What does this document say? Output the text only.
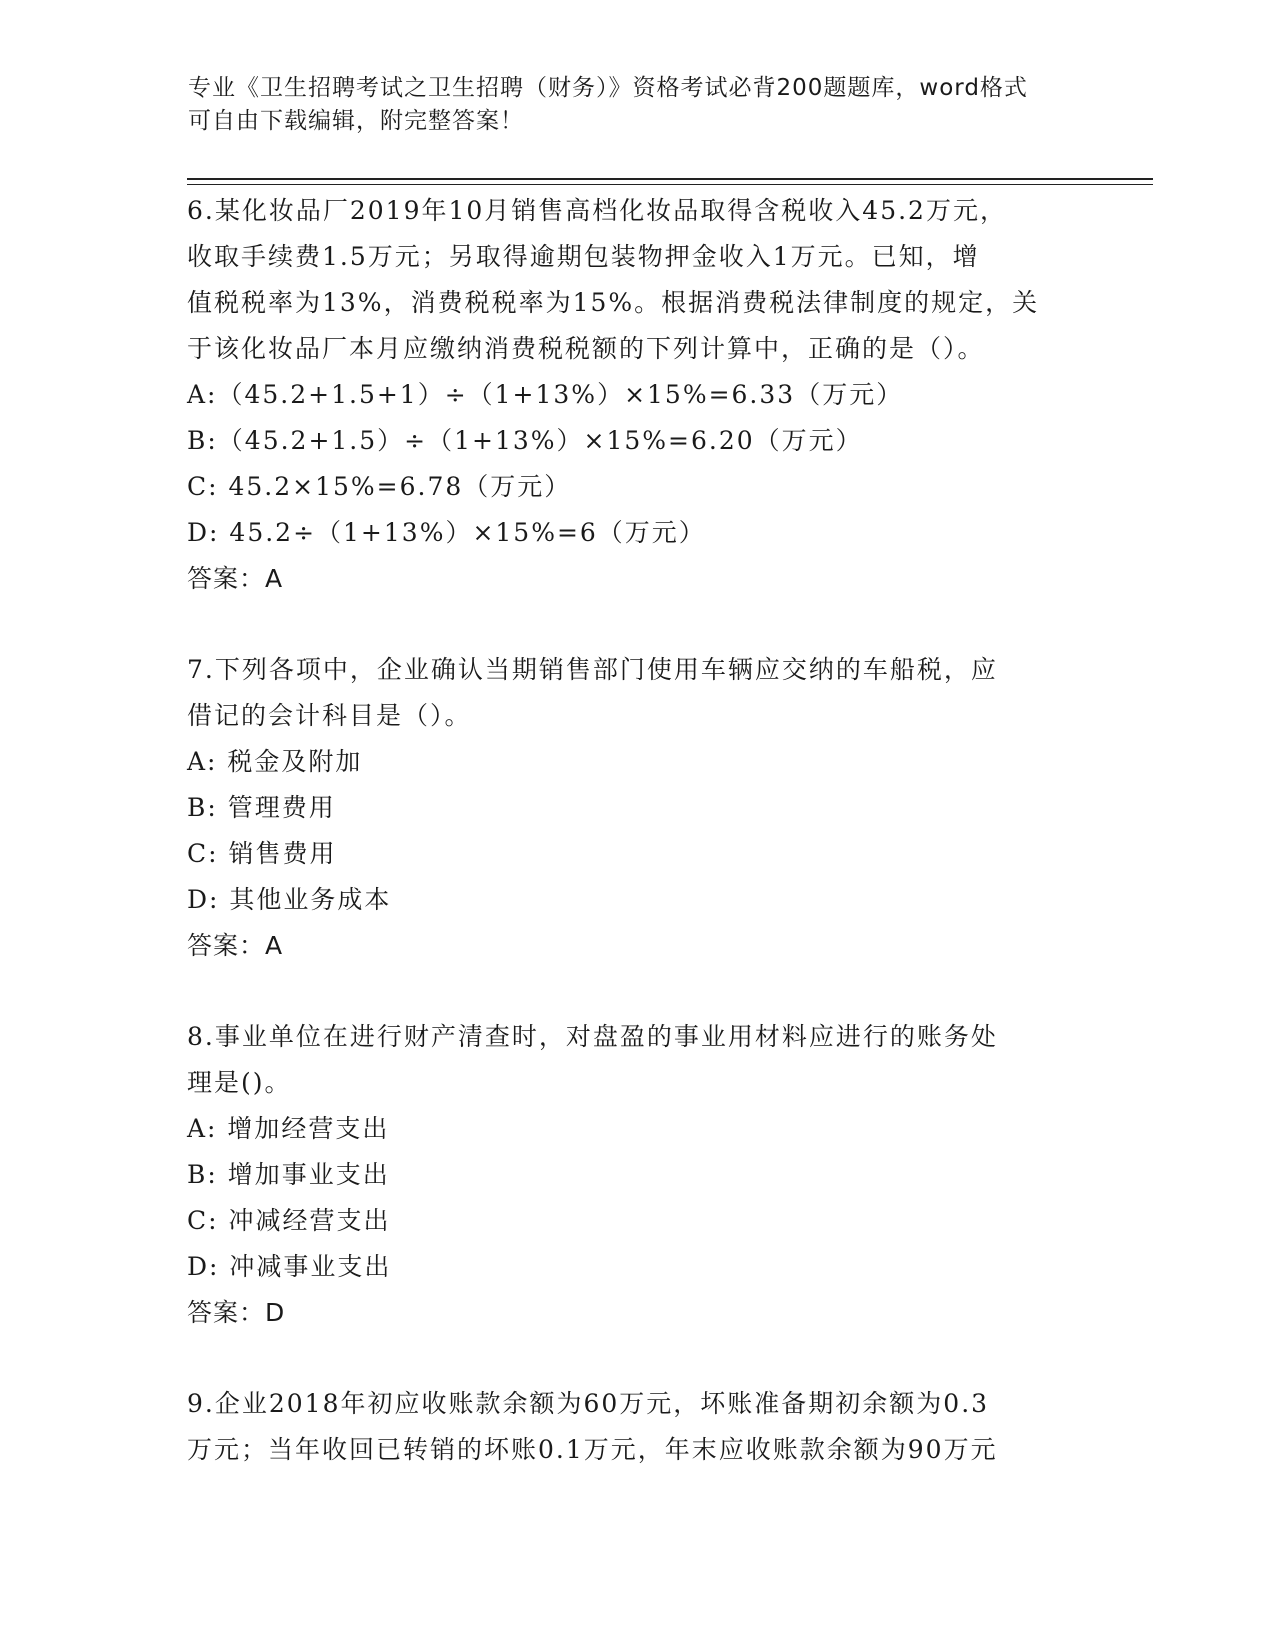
专业《卫生招聘考试之卫生招聘（财务）》资格考试必背200题题库，word格式
可自由下载编辑，附完整答案！
6.某化妆品厂2019年10月销售高档化妆品取得含税收入45.2万元，
收取手续费1.5万元；另取得逾期包装物押金收入1万元。已知，增
值税税率为13%，消费税税率为15%。根据消费税法律制度的规定，关
于该化妆品厂本月应缴纳消费税税额的下列计算中，正确的是（）。
A:（45.2+1.5+1）÷（1+13%）×15%=6.33（万元）
B:（45.2+1.5）÷（1+13%）×15%=6.20（万元）
C: 45.2×15%=6.78（万元）
D: 45.2÷（1+13%）×15%=6（万元）
答案：A
7.下列各项中，企业确认当期销售部门使用车辆应交纳的车船税，应
借记的会计科目是（）。
A: 税金及附加
B: 管理费用
C: 销售费用
D: 其他业务成本
答案：A
8.事业单位在进行财产清查时，对盘盈的事业用材料应进行的账务处
理是()。
A: 增加经营支出
B: 增加事业支出
C: 冲减经营支出
D: 冲减事业支出
答案：D
9.企业2018年初应收账款余额为60万元，坏账准备期初余额为0.3
万元；当年收回已转销的坏账0.1万元，年末应收账款余额为90万元
